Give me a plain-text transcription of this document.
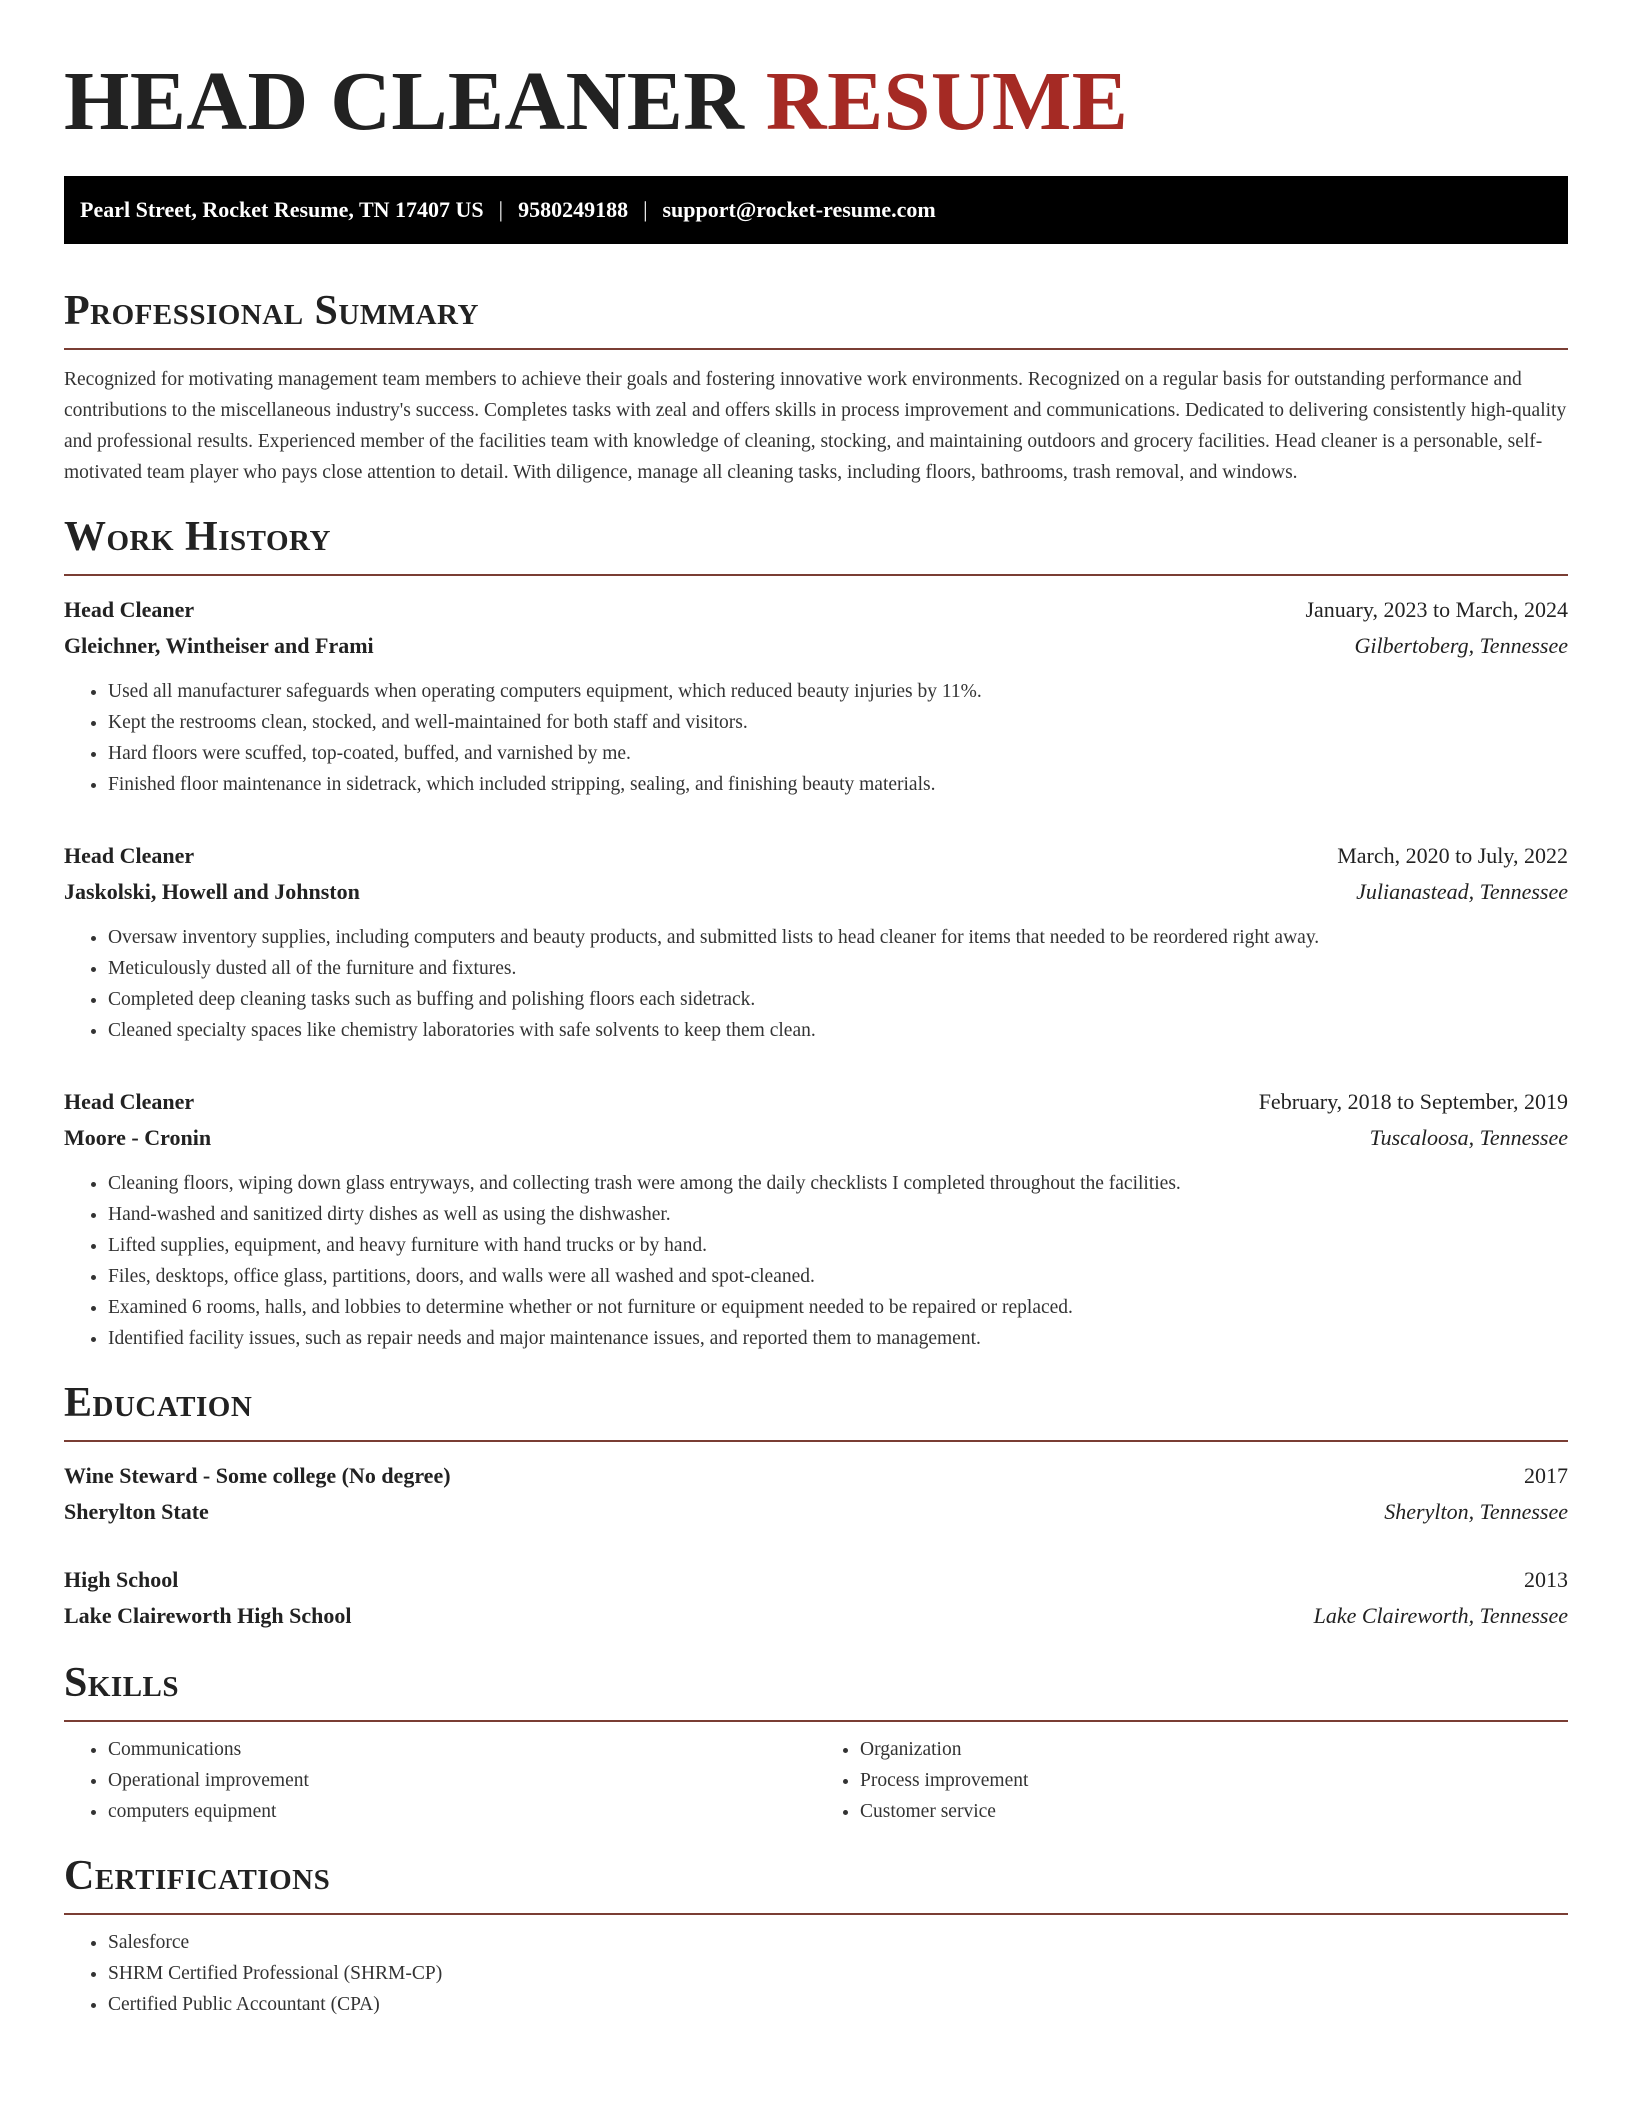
HEAD CLEANER RESUME
Pearl Street, Rocket Resume, TN 17407 US | 9580249188 | support@rocket-resume.com
Professional Summary

Recognized for motivating management team members to achieve their goals and fostering innovative work environments. Recognized on a regular basis for outstanding performance and contributions to the miscellaneous industry's success. Completes tasks with zeal and offers skills in process improvement and communications. Dedicated to delivering consistently high-quality and professional results. Experienced member of the facilities team with knowledge of cleaning, stocking, and maintaining outdoors and grocery facilities. Head cleaner is a personable, self-motivated team player who pays close attention to detail. With diligence, manage all cleaning tasks, including floors, bathrooms, trash removal, and windows.

Work History
Head Cleaner	January, 2023 to March, 2024
Gleichner, Wintheiser and Frami	Gilbertoberg, Tennessee
• Used all manufacturer safeguards when operating computers equipment, which reduced beauty injuries by 11%.
• Kept the restrooms clean, stocked, and well-maintained for both staff and visitors.
• Hard floors were scuffed, top-coated, buffed, and varnished by me.
• Finished floor maintenance in sidetrack, which included stripping, sealing, and finishing beauty materials.
Head Cleaner	March, 2020 to July, 2022
Jaskolski, Howell and Johnston	Julianastead, Tennessee
• Oversaw inventory supplies, including computers and beauty products, and submitted lists to head cleaner for items that needed to be reordered right away.
• Meticulously dusted all of the furniture and fixtures.
• Completed deep cleaning tasks such as buffing and polishing floors each sidetrack.
• Cleaned specialty spaces like chemistry laboratories with safe solvents to keep them clean.
Head Cleaner	February, 2018 to September, 2019
Moore - Cronin	Tuscaloosa, Tennessee
• Cleaning floors, wiping down glass entryways, and collecting trash were among the daily checklists I completed throughout the facilities.
• Hand-washed and sanitized dirty dishes as well as using the dishwasher.
• Lifted supplies, equipment, and heavy furniture with hand trucks or by hand.
• Files, desktops, office glass, partitions, doors, and walls were all washed and spot-cleaned.
• Examined 6 rooms, halls, and lobbies to determine whether or not furniture or equipment needed to be repaired or replaced.
• Identified facility issues, such as repair needs and major maintenance issues, and reported them to management.
Education
Wine Steward - Some college (No degree)	2017
Sherylton State	Sherylton, Tennessee
High School	2013
Lake Claireworth High School	Lake Claireworth, Tennessee
Skills
• Communications
• Operational improvement
• computers equipment
• Organization
• Process improvement
• Customer service
Certifications
• Salesforce
• SHRM Certified Professional (SHRM-CP)
• Certified Public Accountant (CPA)
